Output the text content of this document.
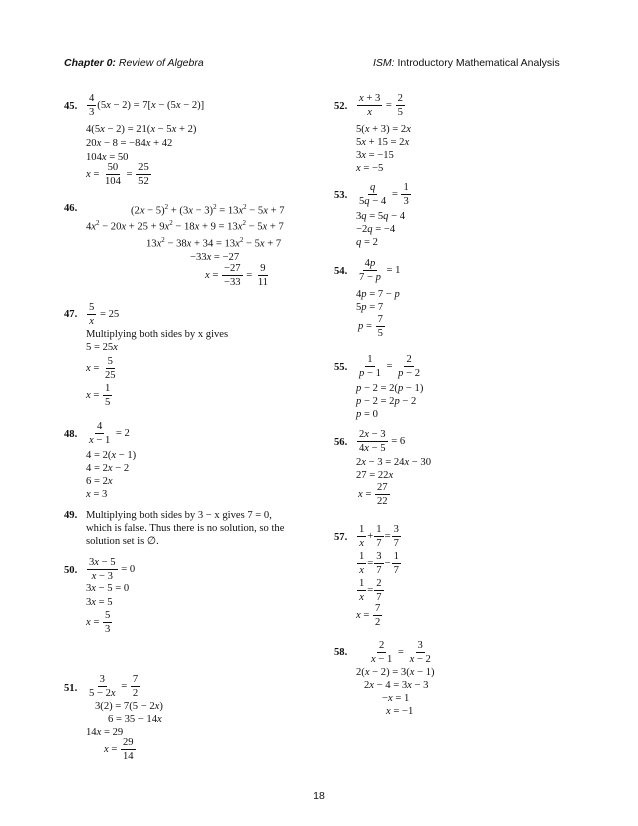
Chapter 0: Review of Algebra	ISM: Introductory Mathematical Analysis
45. $\frac{4}{3} (5x - 2) = 7[x - (5x - 2)]$
4(5x − 2) = 21(x − 5x + 2)
20x − 8 = −84x + 42
104x = 50
$x = \frac{50}{104} = \frac{25}{52}$
46.	$(2x - 5)^2 + (3x - 3)^2 = 13x^2 - 5x + 7$
$4x^2 - 20x + 25 + 9x^2 - 18x + 9 = 13x^2 - 5x + 7$
$13x^2 - 38x + 34 = 13x^2 - 5x + 7$
−33x = −27
$x = \frac{-27}{-33} = \frac{9}{11}$
47. $\frac{5}{x} = 25$
Multiplying both sides by x gives
5 = 25x
$x = \frac{5}{25}$
$x = \frac{1}{5}$
48. $\frac{4}{x - 1} = 2$
4 = 2(x − 1)
4 = 2x − 2
6 = 2x
x = 3
49. Multiplying both sides by 3 − x gives 7 = 0,
which is false. Thus there is no solution, so the
solution set is ∅.
50. $\frac{3x - 5}{x - 3} = 0$
3x − 5 = 0
3x = 5
$x = \frac{5}{3}$
51. $\frac{3}{5 - 2x} = \frac{7}{2}$
3(2) = 7(5 − 2x)
6 = 35 − 14x
14x = 29
$x = \frac{29}{14}$
52. $\frac{x + 3}{x} = \frac{2}{5}$
5(x + 3) = 2x
5x + 15 = 2x
3x = −15
x = −5
53. $\frac{q}{5q - 4} = \frac{1}{3}$
3q = 5q − 4
−2q = −4
q = 2
54. $\frac{4p}{7 - p} = 1$
4p = 7 − p
5p = 7
$p = \frac{7}{5}$
55. $\frac{1}{p - 1} = \frac{2}{p - 2}$
p − 2 = 2(p − 1)
p − 2 = 2p − 2
p = 0
56. $\frac{2x - 3}{4x - 5} = 6$
2x − 3 = 24x − 30
27 = 22x
$x = \frac{27}{22}$
57. $\frac{1}{x} + \frac{1}{7} = \frac{3}{7}$
$\frac{1}{x} = \frac{3}{7} - \frac{1}{7}$
$\frac{1}{x} = \frac{2}{7}$
$x = \frac{7}{2}$
58. $\frac{2}{x - 1} = \frac{3}{x - 2}$
2(x − 2) = 3(x − 1)
2x − 4 = 3x − 3
−x = 1
x = −1
18
